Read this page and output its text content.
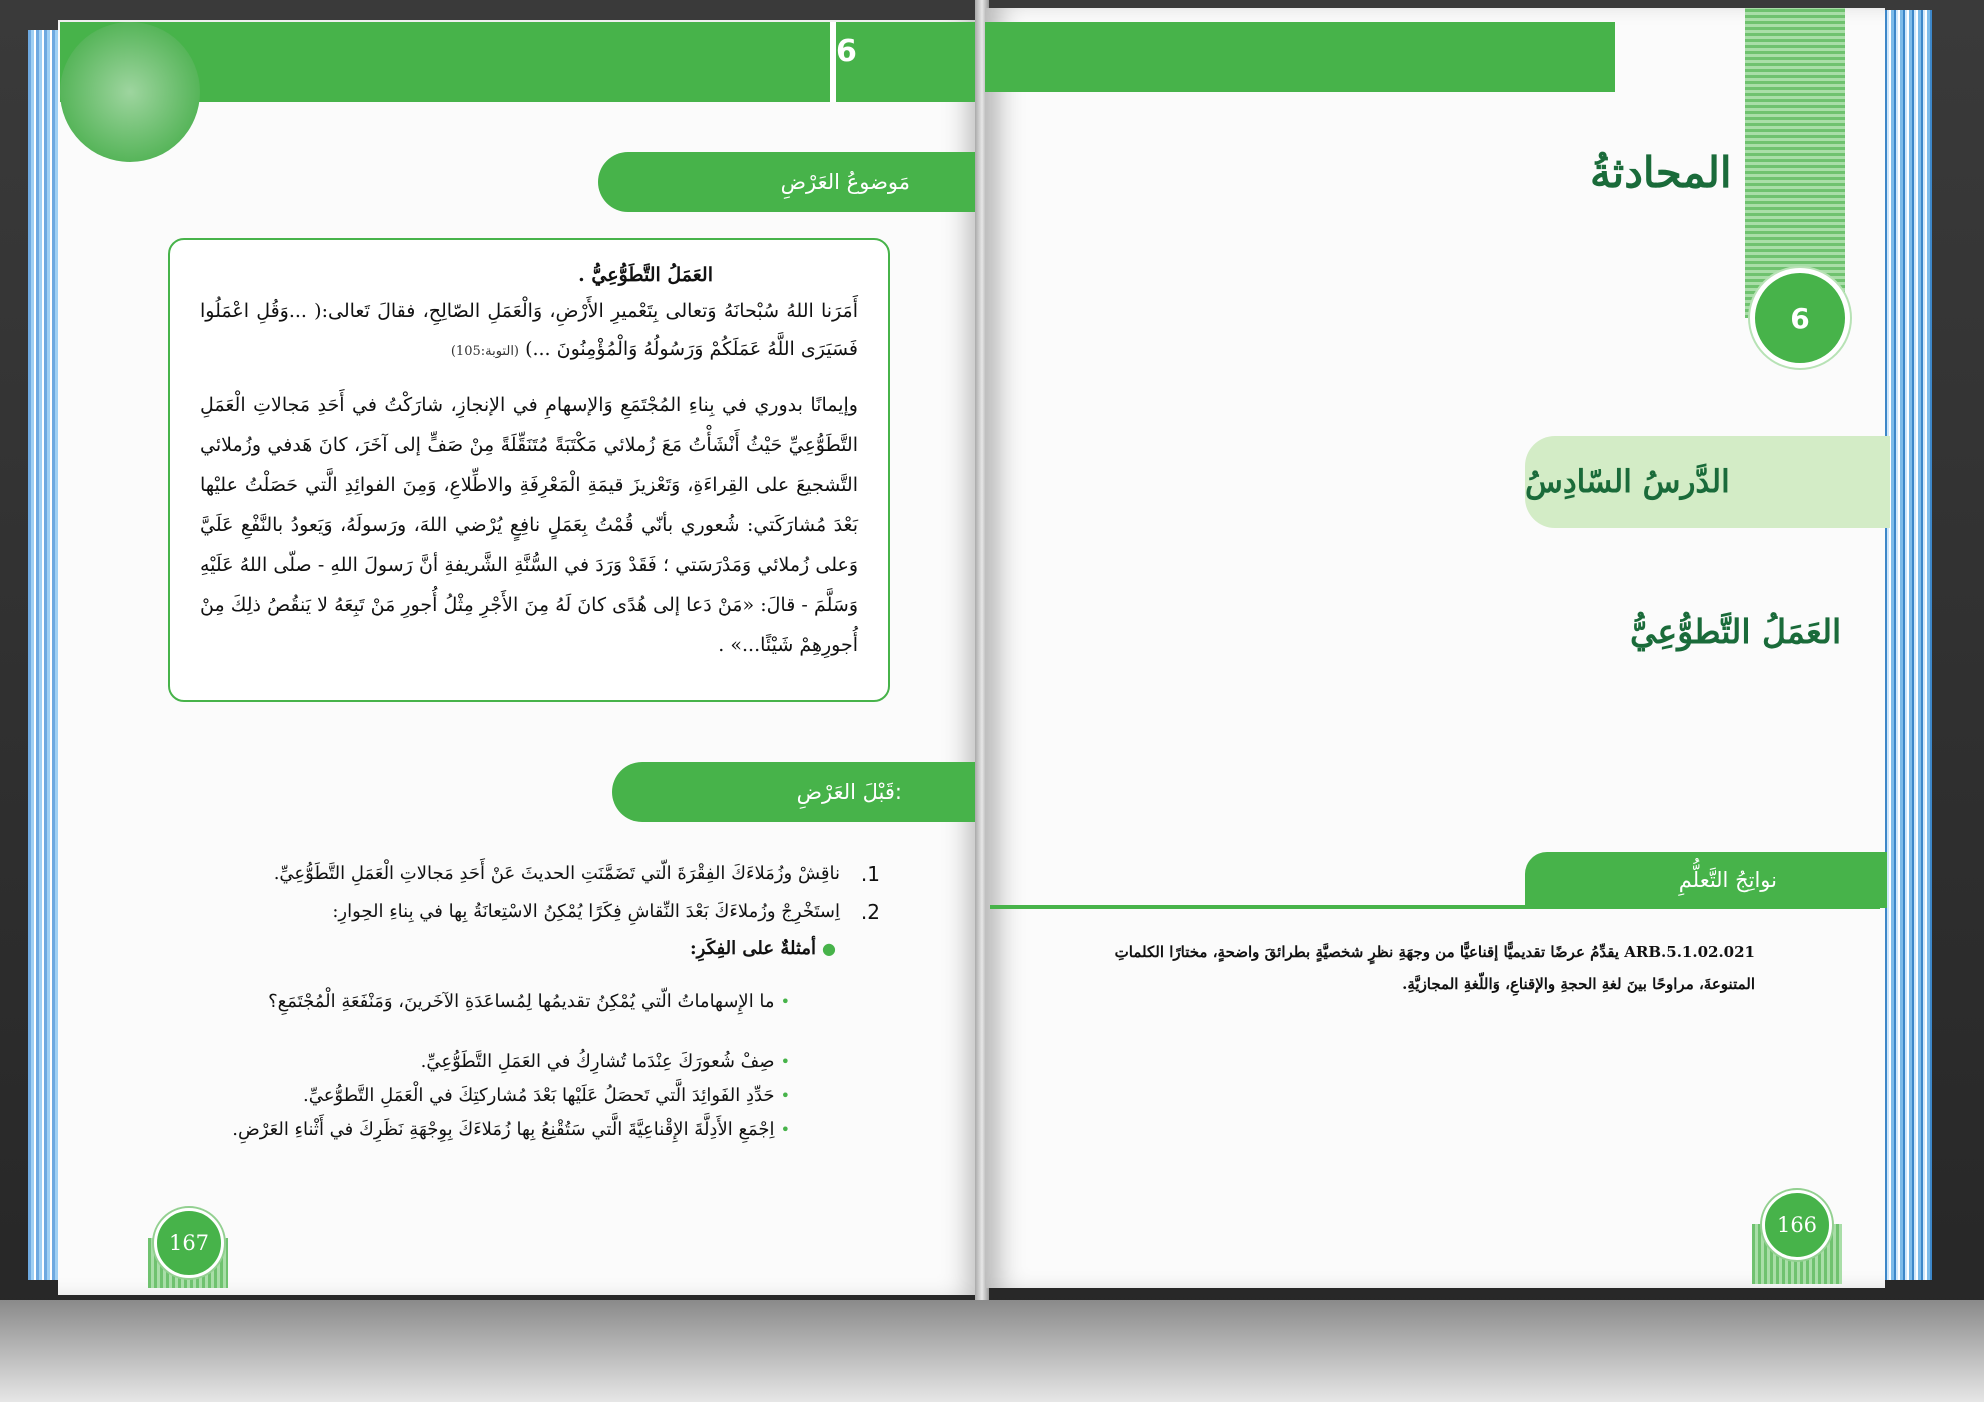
6
مَوضوعُ العَرْضِ
العَمَلُ التَّطَوُّعِيُّ .

أَمَرَنا اللهُ سُبْحانَهُ وَتعالى بِتَعْميرِ الأَرْضِ، وَالْعَمَلِ الصّالِحِ، فقالَ تَعالى:( ...وَقُلِ اعْمَلُوا فَسَيَرَى اللَّهُ عَمَلَكُمْ وَرَسُولُهُ وَالْمُؤْمِنُونَ ...) (التوبة:105)

وإيمانًا بدوري في بِناءِ المُجْتَمَعِ وَالإسهامِ في الإنجازِ، شارَكْتُ في أَحَدِ مَجالاتِ الْعَمَلِ التَّطَوُّعِيِّ حَيْثُ أَنْشَأْتُ مَعَ زُملائي مَكْتَبَةً مُتَنَقِّلَةً مِنْ صَفٍّ إلى آخَرَ، كانَ هَدفي وزُملائي التَّشجيعَ على القِراءَةِ، وَتَعْزيزَ قيمَةِ الْمَعْرِفَةِ والاطِّلاعِ، وَمِنَ الفوائِدِ الَّتي حَصَلْتُ عليْها بَعْدَ مُشارَكَتي: شُعوري بأنّي قُمْتُ بِعَمَلٍ نافِعٍ يُرْضي اللهَ، ورَسولَهُ، وَيَعودُ بالنَّفْعِ عَلَيَّ وَعلى زُملائي وَمَدْرَسَتي ؛ فَقَدْ وَرَدَ في السُّنَّةِ الشَّريفةِ أنَّ رَسولَ اللهِ - صلّى اللهُ عَلَيْهِ وَسَلَّمَ - قالَ: «مَنْ دَعا إلى هُدًى كانَ لَهُ مِنَ الأَجْرِ مِثْلُ أُجورِ مَنْ تَبِعَهُ لا يَنقُصُ ذلِكَ مِنْ أُجورِهِمْ شَيْئًا...» .

قَبْلَ العَرْضِ:
1.
ناقِشْ وزُمَلاءَكَ الفِقْرَةَ الّتي تَضَمَّنَتِ الحديثَ عَنْ أَحَدِ مَجالاتِ الْعَمَلِ التَّطَوُّعِيِّ.
2.
اِستَخْرِجْ وزُملاءَكَ بَعْدَ النِّقاشِ فِكَرًا يُمْكِنُ الاسْتِعانَةُ بِها في بِناءِ الحِوارِ:
●أمثلةٌ على الفِكَرِ:
•ما الإِسهاماتُ الّتي يُمْكِنُ تقديمُها لِمُساعَدَةِ الآخَرينَ، وَمَنْفَعَةِ الْمُجْتَمَعِ؟
•صِفْ شُعورَكَ عِنْدَما تُشارِكُ في العَمَلِ التَّطَوُّعِيِّ.
•حَدِّدِ الفَوائِدَ الَّتي تَحصَلُ عَلَيْها بَعْدَ مُشاركتِكَ في الْعَمَلِ التَّطوُّعيِّ.
•اِجْمَعِ الأَدِلَّةَ الإِقْناعِيَّةَ الَّتي سَتُقْنِعُ بِها زُمَلاءَكَ بِوِجْهَةِ نَظَرِكَ في أَثْناءِ العَرْضِ.
167
المحادثةُ
6
الدَّرسُ السّادِسُ
العَمَلُ التَّطوُّعِيُّ
نواتِجُ التَّعلُّمِ
ARB.5.1.02.021 يقدِّمُ عرضًا تقديميًّا إقناعيًّا من وجهَةِ نظرٍ شخصيَّةٍ بطرائقَ واضحةٍ، مختارًا الكلماتِ المتنوعةَ، مراوحًا بينَ لغةِ الحجةِ والإقناعِ، وَاللّغةِ المجازيَّةِ.
166
